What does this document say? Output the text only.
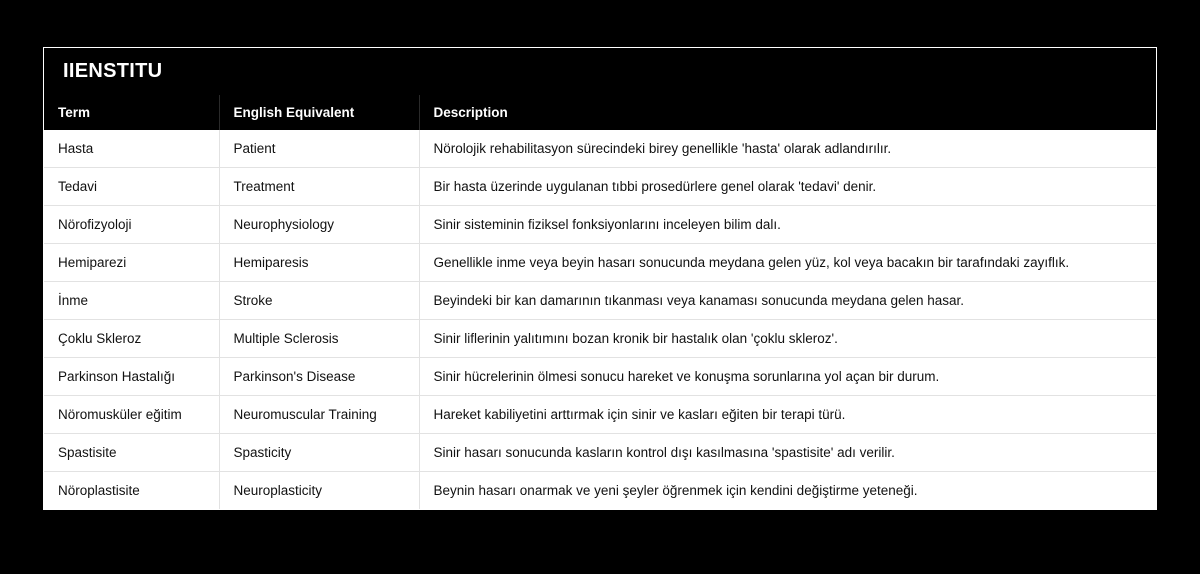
IIENSTITU
Term	English Equivalent	Description
Hasta	Patient	Nörolojik rehabilitasyon sürecindeki birey genellikle 'hasta' olarak adlandırılır.
Tedavi	Treatment	Bir hasta üzerinde uygulanan tıbbi prosedürlere genel olarak 'tedavi' denir.
Nörofizyoloji	Neurophysiology	Sinir sisteminin fiziksel fonksiyonlarını inceleyen bilim dalı.
Hemiparezi	Hemiparesis	Genellikle inme veya beyin hasarı sonucunda meydana gelen yüz, kol veya bacakın bir tarafındaki zayıflık.
İnme	Stroke	Beyindeki bir kan damarının tıkanması veya kanaması sonucunda meydana gelen hasar.
Çoklu Skleroz	Multiple Sclerosis	Sinir liflerinin yalıtımını bozan kronik bir hastalık olan 'çoklu skleroz'.
Parkinson Hastalığı	Parkinson's Disease	Sinir hücrelerinin ölmesi sonucu hareket ve konuşma sorunlarına yol açan bir durum.
Nöromusküler eğitim	Neuromuscular Training	Hareket kabiliyetini arttırmak için sinir ve kasları eğiten bir terapi türü.
Spastisite	Spasticity	Sinir hasarı sonucunda kasların kontrol dışı kasılmasına 'spastisite' adı verilir.
Nöroplastisite	Neuroplasticity	Beynin hasarı onarmak ve yeni şeyler öğrenmek için kendini değiştirme yeteneği.
